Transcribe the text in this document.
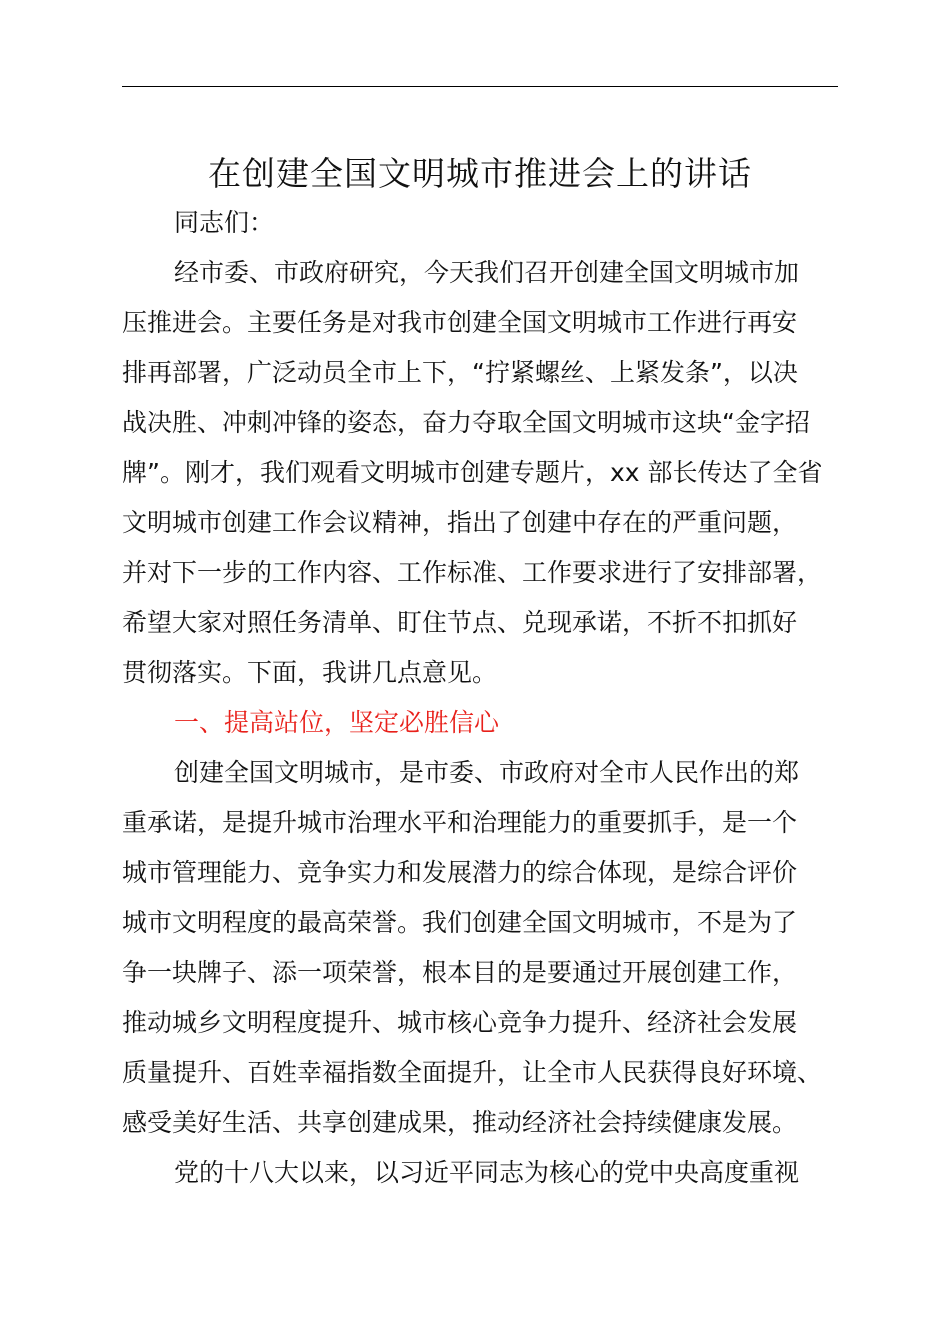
在创建全国文明城市推进会上的讲话

同志们：

经市委、市政府研究，今天我们召开创建全国文明城市加

压推进会。主要任务是对我市创建全国文明城市工作进行再安

排再部署，广泛动员全市上下，“拧紧螺丝、上紧发条”，以决

战决胜、冲刺冲锋的姿态，奋力夺取全国文明城市这块“金字招

牌”。刚才，我们观看文明城市创建专题片，xx 部长传达了全省

文明城市创建工作会议精神，指出了创建中存在的严重问题，

并对下一步的工作内容、工作标准、工作要求进行了安排部署，

希望大家对照任务清单、盯住节点、兑现承诺，不折不扣抓好

贯彻落实。下面，我讲几点意见。

一、提高站位，坚定必胜信心

创建全国文明城市，是市委、市政府对全市人民作出的郑

重承诺，是提升城市治理水平和治理能力的重要抓手，是一个

城市管理能力、竞争实力和发展潜力的综合体现，是综合评价

城市文明程度的最高荣誉。我们创建全国文明城市，不是为了

争一块牌子、添一项荣誉，根本目的是要通过开展创建工作，

推动城乡文明程度提升、城市核心竞争力提升、经济社会发展

质量提升、百姓幸福指数全面提升，让全市人民获得良好环境、

感受美好生活、共享创建成果，推动经济社会持续健康发展。

党的十八大以来，以习近平同志为核心的党中央高度重视
